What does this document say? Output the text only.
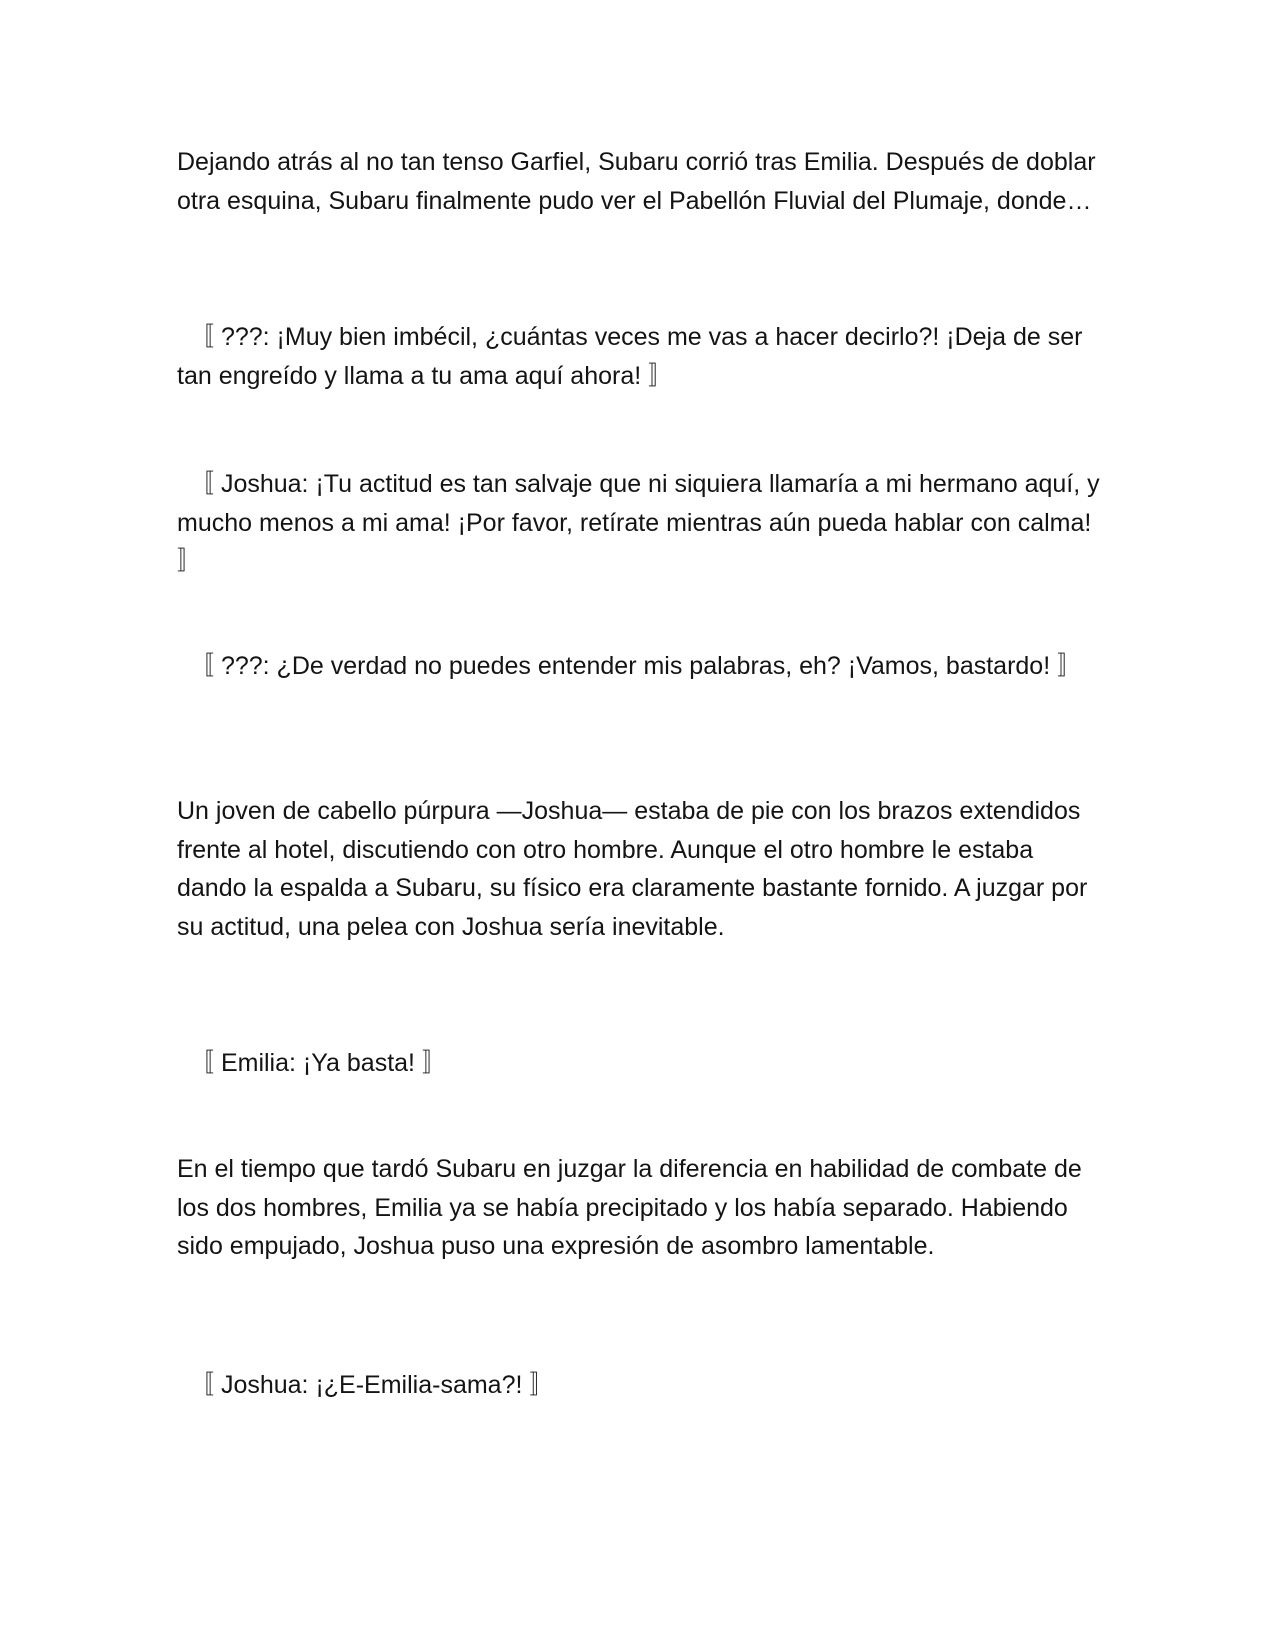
Dejando atrás al no tan tenso Garfiel, Subaru corrió tras Emilia. Después de doblar otra esquina, Subaru finalmente pudo ver el Pabellón Fluvial del Plumaje, donde…

〚 ???: ¡Muy bien imbécil, ¿cuántas veces me vas a hacer decirlo?! ¡Deja de ser tan engreído y llama a tu ama aquí ahora! 〛

〚 Joshua: ¡Tu actitud es tan salvaje que ni siquiera llamaría a mi hermano aquí, y mucho menos a mi ama! ¡Por favor, retírate mientras aún pueda hablar con calma! 〛

〚 ???: ¿De verdad no puedes entender mis palabras, eh? ¡Vamos, bastardo! 〛

Un joven de cabello púrpura —Joshua— estaba de pie con los brazos extendidos frente al hotel, discutiendo con otro hombre. Aunque el otro hombre le estaba dando la espalda a Subaru, su físico era claramente bastante fornido. A juzgar por su actitud, una pelea con Joshua sería inevitable.

〚 Emilia: ¡Ya basta! 〛

En el tiempo que tardó Subaru en juzgar la diferencia en habilidad de combate de los dos hombres, Emilia ya se había precipitado y los había separado. Habiendo sido empujado, Joshua puso una expresión de asombro lamentable.

〚 Joshua: ¡¿E-Emilia-sama?! 〛
